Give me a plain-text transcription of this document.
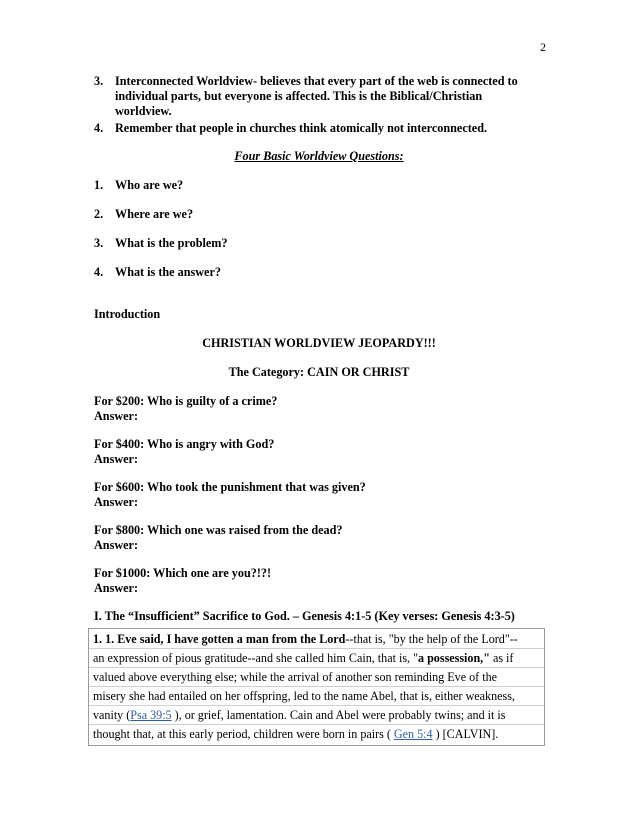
2
3. Interconnected Worldview- believes that every part of the web is connected to
individual parts, but everyone is affected. This is the Biblical/Christian
worldview.
4. Remember that people in churches think atomically not interconnected.
Four Basic Worldview Questions:
1. Who are we?
2. Where are we?
3. What is the problem?
4. What is the answer?
Introduction
CHRISTIAN WORLDVIEW JEOPARDY!!!
The Category: CAIN OR CHRIST
For $200: Who is guilty of a crime?
Answer:
For $400: Who is angry with God?
Answer:
For $600: Who took the punishment that was given?
Answer:
For $800: Which one was raised from the dead?
Answer:
For $1000: Which one are you?!?!
Answer:
I. The “Insufficient” Sacrifice to God. – Genesis 4:1-5 (Key verses: Genesis 4:3-5)
1. 1. Eve said, I have gotten a man from the Lord--that is, "by the help of the Lord"--
an expression of pious gratitude--and she called him Cain, that is, "a possession," as if
valued above everything else; while the arrival of another son reminding Eve of the
misery she had entailed on her offspring, led to the name Abel, that is, either weakness,
vanity (Psa 39:5 ), or grief, lamentation. Cain and Abel were probably twins; and it is
thought that, at this early period, children were born in pairs ( Gen 5:4 ) [CALVIN].
